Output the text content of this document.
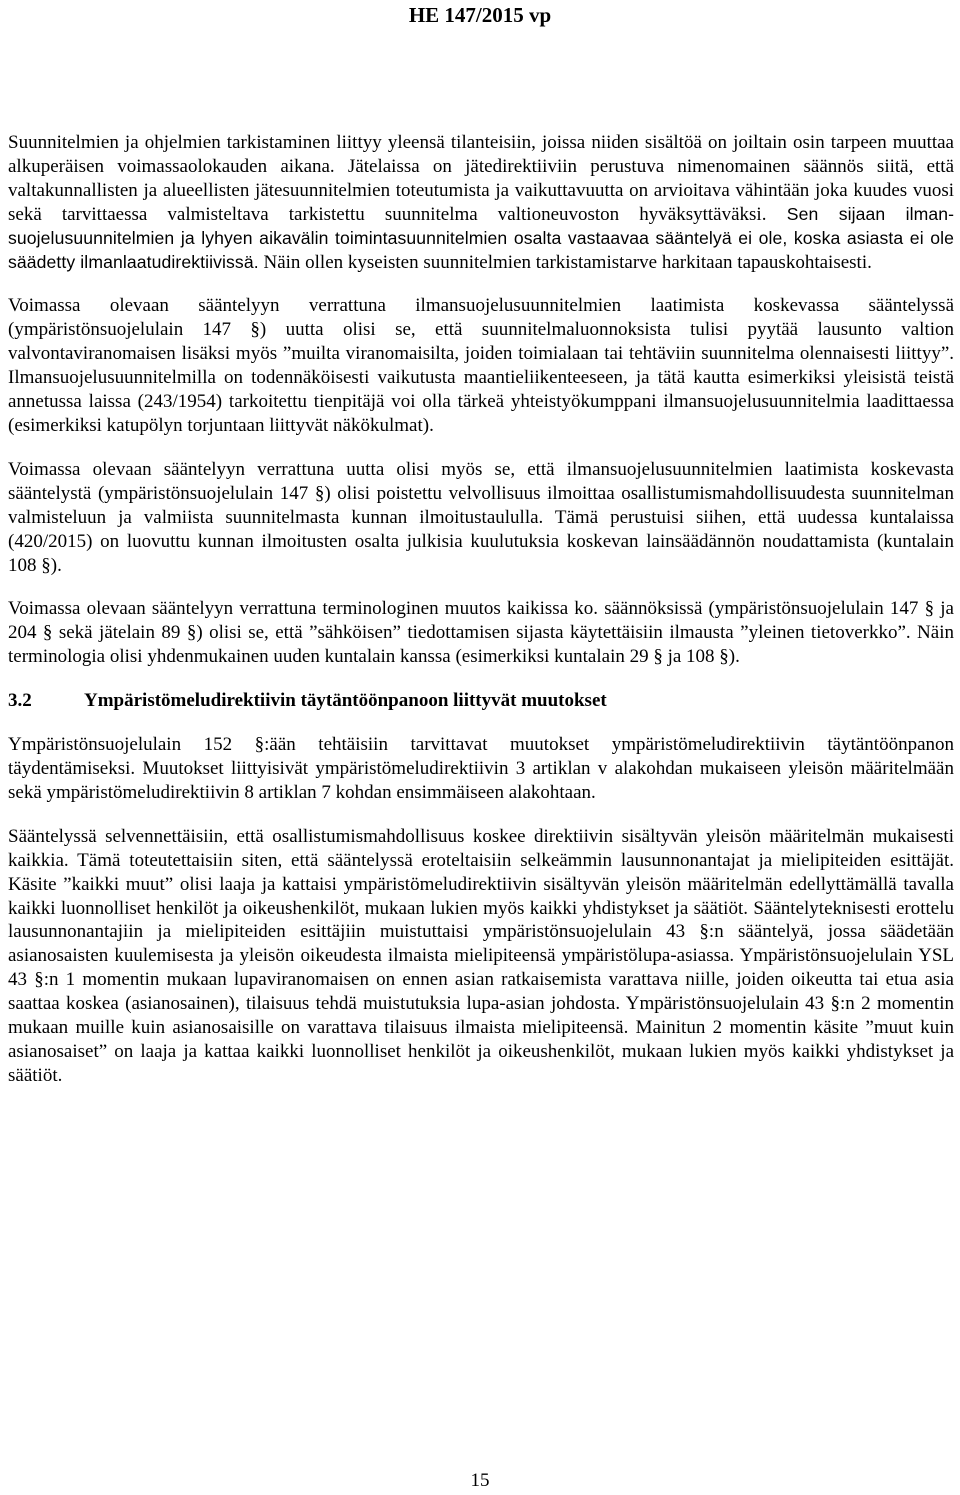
HE 147/2015 vp

Suunnitelmien ja ohjelmien tarkistaminen liittyy yleensä tilanteisiin, joissa niiden sisältöä on joiltain osin tarpeen muuttaa alkuperäisen voimassaolokauden aikana. Jätelaissa on jätedirektiiviin perustuva nimenomainen säännös siitä, että valtakunnallisten ja alueellisten jätesuunnitelmien toteutumista ja vaikuttavuutta on arvioitava vähintään joka kuudes vuosi sekä tarvittaessa valmisteltava tarkistettu suunnitelma valtioneuvoston hyväksyttäväksi. Sen sijaan ilmansuojelusuunnitelmien ja lyhyen aikavälin toimintasuunnitelmien osalta vastaavaa sääntelyä ei ole, koska asiasta ei ole säädetty ilmanlaatudirektiivissä. Näin ollen kyseisten suunnitelmien tarkistamistarve harkitaan tapauskohtaisesti.

Voimassa olevaan sääntelyyn verrattuna ilmansuojelusuunnitelmien laatimista koskevassa sääntelyssä (ympäristönsuojelulain 147 §) uutta olisi se, että suunnitelmaluonnoksista tulisi pyytää lausunto valtion valvontaviranomaisen lisäksi myös ”muilta viranomaisilta, joiden toimialaan tai tehtäviin suunnitelma olennaisesti liittyy”. Ilmansuojelusuunnitelmilla on todennäköisesti vaikutusta maantieliikenteeseen, ja tätä kautta esimerkiksi yleisistä teistä annetussa laissa (243/1954) tarkoitettu tienpitäjä voi olla tärkeä yhteistyökumppani ilmansuojelusuunnitelmia laadittaessa (esimerkiksi katupölyn torjuntaan liittyvät näkökulmat).

Voimassa olevaan sääntelyyn verrattuna uutta olisi myös se, että ilmansuojelusuunnitelmien laatimista koskevasta sääntelystä (ympäristönsuojelulain 147 §) olisi poistettu velvollisuus ilmoittaa osallistumismahdollisuudesta suunnitelman valmisteluun ja valmiista suunnitelmasta kunnan ilmoitustaululla. Tämä perustuisi siihen, että uudessa kuntalaissa (420/2015) on luovuttu kunnan ilmoitusten osalta julkisia kuulutuksia koskevan lainsäädännön noudattamista (kuntalain 108 §).

Voimassa olevaan sääntelyyn verrattuna terminologinen muutos kaikissa ko. säännöksissä (ympäristönsuojelulain 147 § ja 204 § sekä jätelain 89 §) olisi se, että ”sähköisen” tiedottamisen sijasta käytettäisiin ilmausta ”yleinen tietoverkko”. Näin terminologia olisi yhdenmukainen uuden kuntalain kanssa (esimerkiksi kuntalain 29 § ja 108 §).

3.2	Ympäristömeludirektiivin täytäntöönpanoon liittyvät muutokset

Ympäristönsuojelulain 152 §:ään tehtäisiin tarvittavat muutokset ympäristömeludirektiivin täytäntöönpanon täydentämiseksi. Muutokset liittyisivät ympäristömeludirektiivin 3 artiklan v alakohdan mukaiseen yleisön määritelmään sekä ympäristömeludirektiivin 8 artiklan 7 kohdan ensimmäiseen alakohtaan.

Sääntelyssä selvennettäisiin, että osallistumismahdollisuus koskee direktiivin sisältyvän yleisön määritelmän mukaisesti kaikkia. Tämä toteutettaisiin siten, että sääntelyssä eroteltaisiin selkeämmin lausunnonantajat ja mielipiteiden esittäjät. Käsite ”kaikki muut” olisi laaja ja kattaisi ympäristömeludirektiivin sisältyvän yleisön määritelmän edellyttämällä tavalla kaikki luonnolliset henkilöt ja oikeushenkilöt, mukaan lukien myös kaikki yhdistykset ja säätiöt. Sääntelyteknisesti erottelu lausunnonantajiin ja mielipiteiden esittäjiin muistuttaisi ympäristönsuojelulain 43 §:n sääntelyä, jossa säädetään asianosaisten kuulemisesta ja yleisön oikeudesta ilmaista mielipiteensä ympäristölupa-asiassa. Ympäristönsuojelulain YSL 43 §:n 1 momentin mukaan lupaviranomaisen on ennen asian ratkaisemista varattava niille, joiden oikeutta tai etua asia saattaa koskea (asianosainen), tilaisuus tehdä muistutuksia lupa-asian johdosta. Ympäristönsuojelulain 43 §:n 2 momentin mukaan muille kuin asianosaisille on varattava tilaisuus ilmaista mielipiteensä. Mainitun 2 momentin käsite ”muut kuin asianosaiset” on laaja ja kattaa kaikki luonnolliset henkilöt ja oikeushenkilöt, mukaan lukien myös kaikki yhdistykset ja säätiöt.

15
